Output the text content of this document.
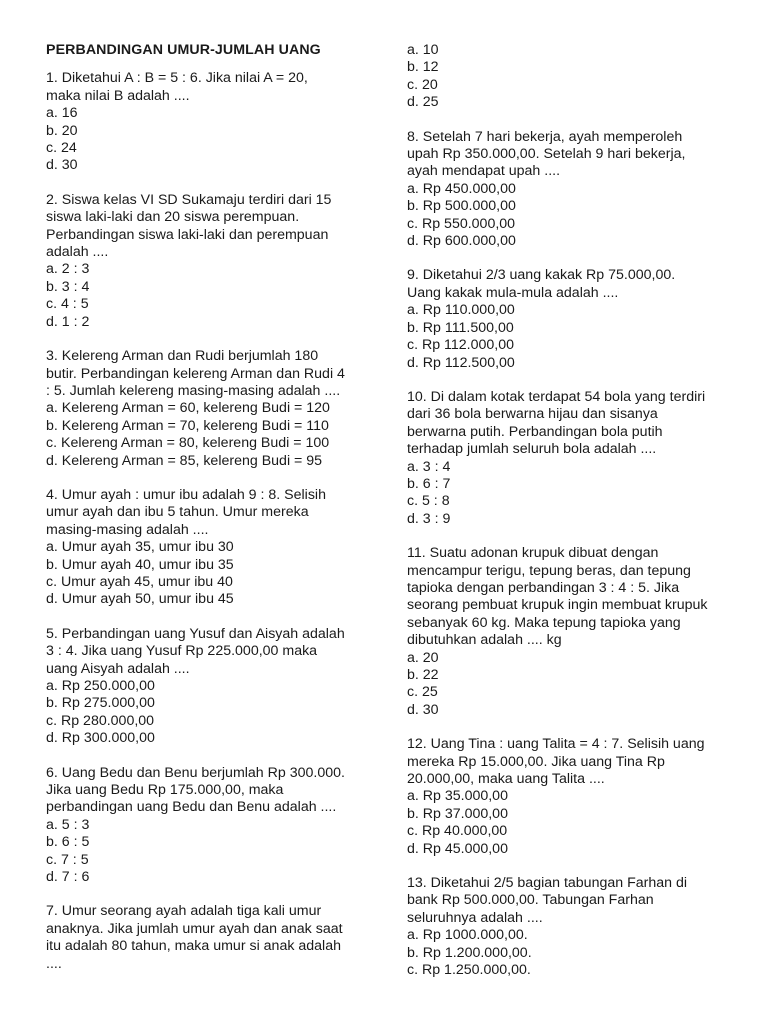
PERBANDINGAN UMUR-JUMLAH UANG
1. Diketahui A : B = 5 : 6. Jika nilai A = 20,
maka nilai B adalah ....
a. 16
b. 20
c. 24
d. 30
2. Siswa kelas VI SD Sukamaju terdiri dari 15
siswa laki-laki dan 20 siswa perempuan.
Perbandingan siswa laki-laki dan perempuan
adalah ....
a. 2 : 3
b. 3 : 4
c. 4 : 5
d. 1 : 2
3. Kelereng Arman dan Rudi berjumlah 180
butir. Perbandingan kelereng Arman dan Rudi 4
: 5. Jumlah kelereng masing-masing adalah ....
a. Kelereng Arman = 60, kelereng Budi = 120
b. Kelereng Arman = 70, kelereng Budi = 110
c. Kelereng Arman = 80, kelereng Budi = 100
d. Kelereng Arman = 85, kelereng Budi = 95
4. Umur ayah : umur ibu adalah 9 : 8. Selisih
umur ayah dan ibu 5 tahun. Umur mereka
masing-masing adalah ....
a. Umur ayah 35, umur ibu 30
b. Umur ayah 40, umur ibu 35
c. Umur ayah 45, umur ibu 40
d. Umur ayah 50, umur ibu 45
5. Perbandingan uang Yusuf dan Aisyah adalah
3 : 4. Jika uang Yusuf Rp 225.000,00 maka
uang Aisyah adalah ....
a. Rp 250.000,00
b. Rp 275.000,00
c. Rp 280.000,00
d. Rp 300.000,00
6. Uang Bedu dan Benu berjumlah Rp 300.000.
Jika uang Bedu Rp 175.000,00, maka
perbandingan uang Bedu dan Benu adalah ....
a. 5 : 3
b. 6 : 5
c. 7 : 5
d. 7 : 6
7. Umur seorang ayah adalah tiga kali umur
anaknya. Jika jumlah umur ayah dan anak saat
itu adalah 80 tahun, maka umur si anak adalah
....
a. 10
b. 12
c. 20
d. 25
8. Setelah 7 hari bekerja, ayah memperoleh
upah Rp 350.000,00. Setelah 9 hari bekerja,
ayah mendapat upah ....
a. Rp 450.000,00
b. Rp 500.000,00
c. Rp 550.000,00
d. Rp 600.000,00
9. Diketahui 2/3 uang kakak Rp 75.000,00.
Uang kakak mula-mula adalah ....
a. Rp 110.000,00
b. Rp 111.500,00
c. Rp 112.000,00
d. Rp 112.500,00
10. Di dalam kotak terdapat 54 bola yang terdiri
dari 36 bola berwarna hijau dan sisanya
berwarna putih. Perbandingan bola putih
terhadap jumlah seluruh bola adalah ....
a. 3 : 4
b. 6 : 7
c. 5 : 8
d. 3 : 9
11. Suatu adonan krupuk dibuat dengan
mencampur terigu, tepung beras, dan tepung
tapioka dengan perbandingan 3 : 4 : 5. Jika
seorang pembuat krupuk ingin membuat krupuk
sebanyak 60 kg. Maka tepung tapioka yang
dibutuhkan adalah .... kg
a. 20
b. 22
c. 25
d. 30
12. Uang Tina : uang Talita = 4 : 7. Selisih uang
mereka Rp 15.000,00. Jika uang Tina Rp
20.000,00, maka uang Talita ....
a. Rp 35.000,00
b. Rp 37.000,00
c. Rp 40.000,00
d. Rp 45.000,00
13. Diketahui 2/5 bagian tabungan Farhan di
bank Rp 500.000,00. Tabungan Farhan
seluruhnya adalah ....
a. Rp 1000.000,00.
b. Rp 1.200.000,00.
c. Rp 1.250.000,00.
